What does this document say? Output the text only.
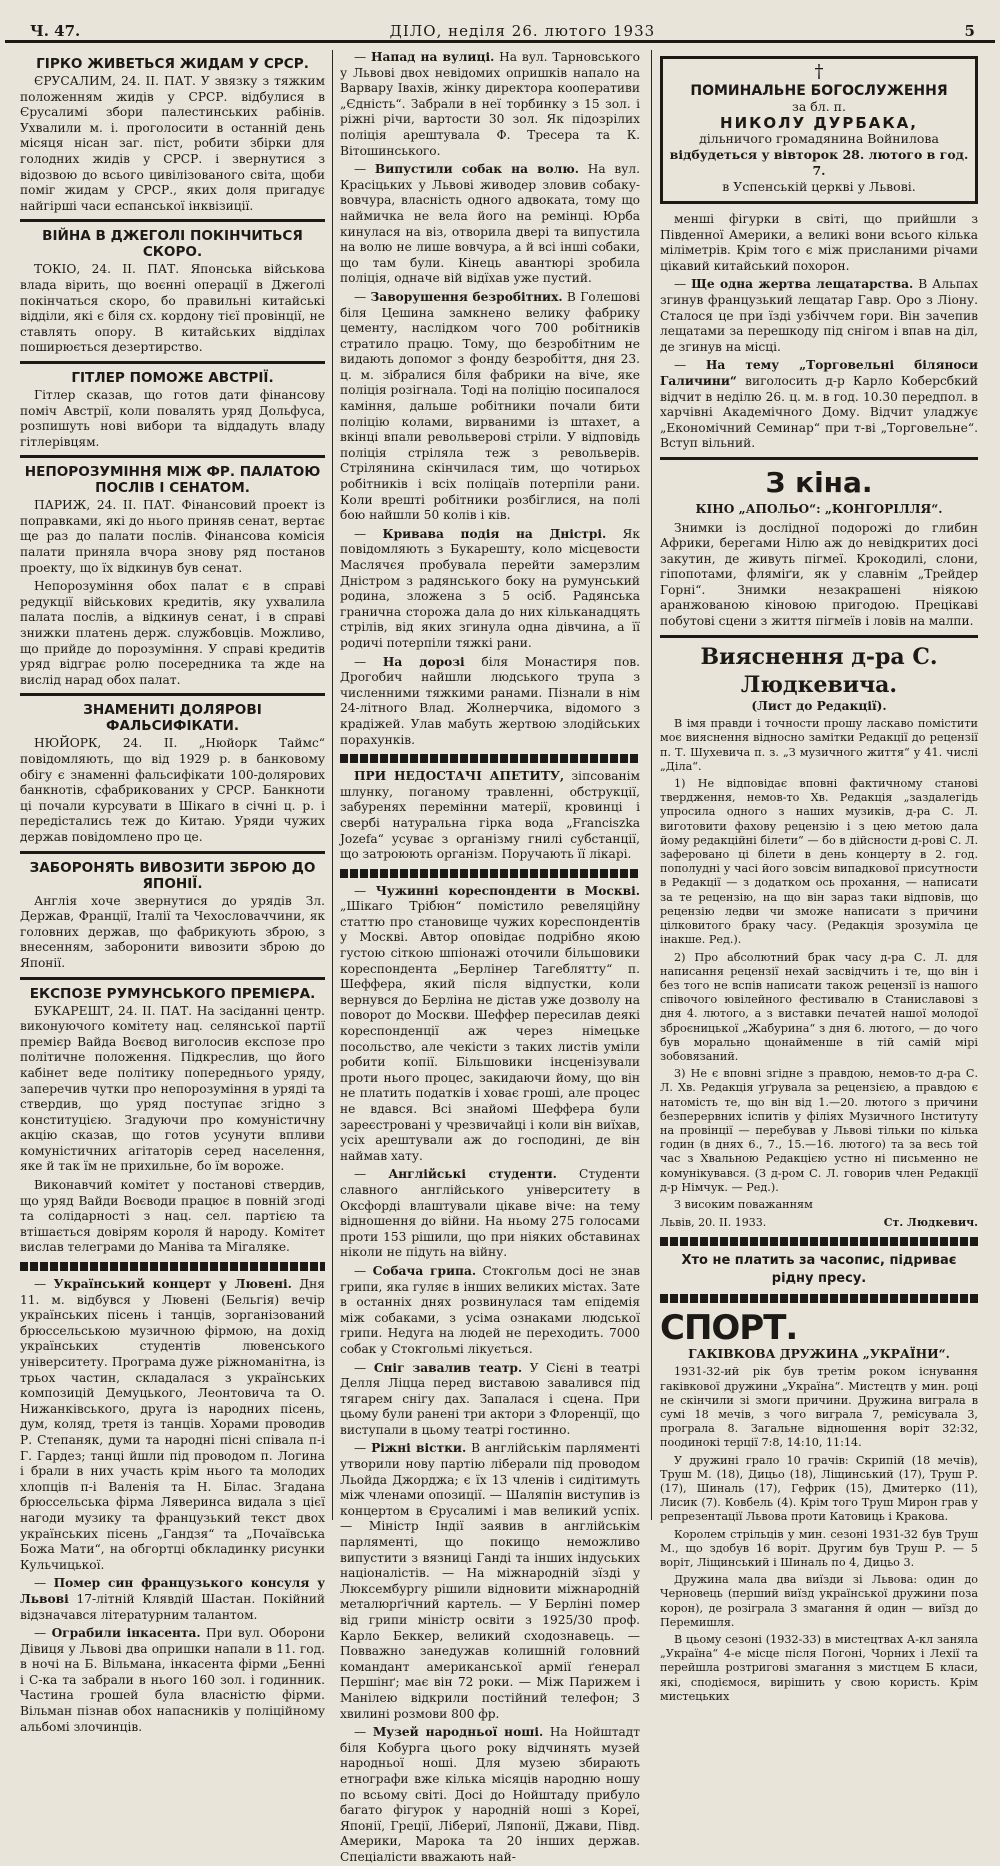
Ч. 47.	ДІЛО, неділя 26. лютого 1933	5
ГІРКО ЖИВЕТЬСЯ ЖИДАМ У СРСР.

ЄРУСАЛИМ, 24. II. ПАТ. У звязку з тяжким положенням жидів у СРСР. відбулися в Єрусалимі збори палестинських рабінів. Ухвалили м. і. проголосити в останній день місяця нісан заг. піст, робити збірки для голодних жидів у СРСР. і звернутися з відозвою до всього цивілізованого світа, щоби поміг жидам у СРСР., яких доля пригадує найгірші часи еспанської інквізиції.

ВІЙНА В ДЖЕГОЛІ ПОКІНЧИТЬСЯ СКОРО.

ТОКІО, 24. II. ПАТ. Японська військова влада вірить, що воєнні операції в Джеголі покінчаться скоро, бо правильні китайські відділи, які є біля сх. кордону тієї провінції, не ставлять опору. В китайських відділах поширюється дезертирство.

ГІТЛЕР ПОМОЖЕ АВСТРІЇ.

Гітлер сказав, що готов дати фінансову поміч Австрії, коли повалять уряд Дольфуса, розпишуть нові вибори та віддадуть владу гітлерівцям.

НЕПОРОЗУМІННЯ МІЖ ФР. ПАЛАТОЮ ПОСЛІВ І СЕНАТОМ.

ПАРИЖ, 24. II. ПАТ. Фінансовий проект із поправками, які до нього приняв сенат, вертає ще раз до палати послів. Фінансова комісія палати приняла вчора знову ряд постанов проекту, що їх відкинув був сенат.

Непорозуміння обох палат є в справі редукції військових кредитів, яку ухвалила палата послів, а відкинув сенат, і в справі знижки платень держ. службовців. Можливо, що прийде до порозуміння. У справі кредитів уряд відграє ролю посередника та жде на вислід нарад обох палат.

ЗНАМЕНИТІ ДОЛЯРОВІ ФАЛЬСИФІКАТИ.

НЮЙОРК, 24. II. „Нюйорк Таймс“ повідомляють, що від 1929 р. в банковому обігу є знаменні фальсифікати 100-долярових банкнотів, сфабрикованих у СРСР. Банкноти ці почали курсувати в Шікаго в січні ц. р. і передістались теж до Китаю. Уряди чужих держав повідомлено про це.

ЗАБОРОНЯТЬ ВИВОЗИТИ ЗБРОЮ ДО ЯПОНІЇ.

Англія хоче звернутися до урядів Зл. Держав, Франції, Італії та Чехословаччини, як головних держав, що фабрикують зброю, з внесенням, заборонити вивозити зброю до Японії.

ЕКСПОЗЕ РУМУНСЬКОГО ПРЕМІЄРА.

БУКАРЕШТ, 24. II. ПАТ. На засіданні центр. виконуючого комітету нац. селянської партії премієр Вайда Воєвод виголосив експозе про політичне положення. Підкреслив, що його кабінет веде політику попереднього уряду, заперечив чутки про непорозуміння в уряді та ствердив, що уряд поступає згідно з конституцією. Згадуючи про комуністичну акцію сказав, що готов усунути впливи комуністичних агітаторів серед населення, яке й так їм не прихильне, бо їм вороже.

Виконавчий комітет у постанові ствердив, що уряд Вайди Воєводи працює в повній згоді та солідарності з нац. сел. партією та втішається довірям короля й народу. Комітет вислав телеграми до Маніва та Мігаляке.

— Український концерт у Лювені. Дня 11. м. відбувся у Лювені (Бельгія) вечір українських пісень і танців, зорганізований брюссельською музичною фірмою, на дохід українських студентів лювенського університету. Програма дуже ріжноманітна, із трьох частин, складалася з українських композицій Демуцького, Леонтовича та О. Нижанківського, друга із народних пісень, дум, коляд, третя із танців. Хорами проводив Р. Степаняк, думи та народні пісні співала п-і Г. Гардез; танці йшли під проводом п. Логина і брали в них участь крім нього та молодих хлопців п-і Валенія та Н. Білас. Згадана брюссельська фірма Ляверинса видала з цієї нагоди музику та французький текст двох українських пісень „Гандзя“ та „Почаївська Божа Мати“, на обгортці обкладинку рисунки Кульчицької.

— Помер син французького консуля у Львові 17-літній Клявдій Шастан. Покійний відзначався літературним талантом.

— Ограбили інкасента. При вул. Оборони Дівиця у Львові два опришки напали в 11. год. в ночі на Б. Вільмана, інкасента фірми „Бенні і С-ка та забрали в нього 160 зол. і годинник. Частина грошей була власністю фірми. Вільман пізнав обох напасників у поліційному альбомі злочинців.

— Напад на вулиці. На вул. Тарновського у Львові двох невідомих опришків напало на Варвару Івахів, жінку директора кооперативи „Єдність“. Забрали в неї торбинку з 15 зол. і ріжні річи, вартости 30 зол. Як підозрілих поліція арештувала Ф. Тресера та К. Вітошинського.

— Випустили собак на волю. На вул. Красіцьких у Львові живодер зловив собаку-вовчура, власність одного адвоката, тому що наймичка не вела його на ремінці. Юрба кинулася на віз, отворила двері та випустила на волю не лише вовчура, а й всі інші собаки, що там були. Кінець авантюрі зробила поліція, одначе вій відїхав уже пустий.

— Заворушення безробітних. В Голешові біля Цешина замкнено велику фабрику цементу, наслідком чого 700 робітників стратило працю. Тому, що безробітним не видають допомог з фонду безробіття, дня 23. ц. м. зібралися біля фабрики на віче, яке поліція розігнала. Тоді на поліцію посипалося каміння, дальше робітники почали бити поліцію колами, вирваними із штахет, а вкінці впали револьверові стріли. У відповідь поліція стріляла теж з револьверів. Стрілянина скінчилася тим, що чотирьох робітників і всіх поліцаїв потерпіли рани. Коли врешті робітники розбіглися, на полі бою найшли 50 колів і ків.

— Кривава подія на Дністрі. Як повідомляють з Букарешту, коло місцевости Маслячєя пробувала перейти замерзлим Дністром з радянського боку на румунський родина, зложена з 5 осіб. Радянська гранична сторожа дала до них кільканадцять стрілів, від яких згинула одна дівчина, а її родичі потерпіли тяжкі рани.

— На дорозі біля Монастиря пов. Дрогобич найшли людського трупа з численними тяжкими ранами. Пізнали в нім 24-літного Влад. Жолнерчика, відомого з крадіжей. Улав мабуть жертвою злодійських порахунків.

ПРИ НЕДОСТАЧІ АПЕТИТУ, зіпсованім шлунку, поганому травленні, обструкції, забуренях перемінни матерії, кровинці і свербі натуральна гірка вода „Franciszka Jozefa“ усуває з організму гнилі субстанції, що затроюють організм. Поручають її лікарі.

— Чужинні кореспонденти в Москві. „Шікаго Трібюн“ помістило ревеляційну статтю про становище чужих кореспондентів у Москві. Автор оповідає подрібно якою густою сіткою шпіонажі оточили більшовики кореспондента „Берлінер Тагеблятту“ п. Шеффера, який після відпустки, коли вернувся до Берліна не дістав уже дозволу на поворот до Москви. Шеффер пересилав деякі кореспонденції аж через німецьке посольство, але чекісти з таких листів уміли робити копії. Більшовики інсценізували проти нього процес, закидаючи йому, що він не платить податків і ховає гроші, але процес не вдався. Всі знайомі Шеффера були зареєстровані у чрезвичайці і коли він виїхав, усіх арештували аж до господині, де він наймав хату.

— Англійські студенти. Студенти славного англійського університету в Оксфорді влаштували цікаве віче: на тему відношення до війни. На ньому 275 голосами проти 153 рішили, що при ніяких обставинах ніколи не підуть на війну.

— Собача грипа. Стокгольм досі не знав грипи, яка гуляє в інших великих містах. Зате в останніх днях розвинулася там епідемія між собаками, з усіма ознаками людської грипи. Недуга на людей не переходить. 7000 собак у Стокгольмі лікується.

— Сніг завалив театр. У Сієні в театрі Делля Ліцца перед виставою завалився під тягарем снігу дах. Запалася і сцена. При цьому були ранені три актори з Флоренції, що виступали в цьому театрі гостинно.

— Ріжні вістки. В англійськім парляменті утворили нову партію ліберали під проводом Льойда Джорджа; є їх 13 членів і сидітимуть між членами опозиції. — Шаляпін виступив із концертом в Єрусалимі і мав великий успіх. — Міністр Індії заявив в англійськім парляменті, що покищо неможливо випустити з вязниці Ганді та інших індуських націоналістів. — На міжнародній зїзді у Люксембургу рішили відновити міжнародній металюрґічний картель. — У Берліні помер від грипи міністр освіти з 1925/30 проф. Карло Беккер, великий сходознавець. — Повважно занедужав колишній головний командант американської армії ґенерал Першінґ; має він 72 роки. — Між Парижем і Манілею відкрили постійний телефон; 3 хвилині розмови 800 фр.

— Музей народньої ноші. На Нойштадт біля Кобурга цього року відчинять музей народньої ноші. Для музею збирають етнографи вже кілька місяців народню ношу по всьому світі. Досі до Нойштаду прибуло багато фігурок у народній ноші з Кореї, Японії, Греції, Лібериї, Ляпонії, Джави, Півд. Америки, Марока та 20 інших держав. Спеціалісти вважають най-

†
ПОМИНАЛЬНЕ БОГОСЛУЖЕННЯ
за бл. п.
НИКОЛУ ДУРБАКА,
дільничого громадянина Войнилова
відбудеться у вівторок 28. лютого в год. 7.
в Успенській церкві у Львові.

менші фігурки в світі, що прийшли з Південної Америки, а великі вони всього кілька міліметрів. Крім того є між присланими річами цікавий китайський похорон.

— Ще одна жертва лещатарства. В Альпах згинув французький лещатар Гавр. Оро з Ліону. Сталося це при їзді узбіччем гори. Він зачепив лещатами за перешкоду під снігом і впав на діл, де згинув на місці.

— На тему „Торговельні біляноси Галичини“ виголосить д-р Карло Коберсбкий відчит в неділю 26. ц. м. в год. 10.30 передпол. в харчівні Академічного Дому. Відчит уладжує „Економічний Семинар“ при т-ві „Торговельне“. Вступ вільний.

З кіна.

КІНО „АПОЛЬО“: „КОНГОРІЛЛЯ“.

Знимки із дослідної подорожі до глибин Африки, берегами Нілю аж до невідкритих досі закутин, де живуть пігмеї. Крокодилі, слони, гіпопотами, фляміґи, як у славнім „Трейдер Горні“. Знимки незакрашені ніякою аранжованою кіновою пригодою. Прецікаві побутові сцени з життя пігмеїв і ловів на малпи.

Вияснення д-ра С. Людкевича.

(Лист до Редакції).

В імя правди і точности прошу ласкаво помістити моє вияснення відносно замітки Редакції до рецензії п. Т. Шухевича п. з. „З музичного життя“ у 41. числі „Діла“.

1) Не відповідає вповні фактичному станові твердження, немов-то Хв. Редакція „заздалегідь упросила одного з наших музиків, д-ра С. Л. виготовити фахову рецензію і з цею метою дала йому редакційні білети“ — бо в дійсности д-рові С. Л. заферовано ці білети в день концерту в 2. год. пополудні у часі його зовсім випадкової присутности в Редакції — з додатком ось прохання, — написати за те рецензію, на що він зараз таки відповів, що рецензію ледви чи зможе написати з причини цілковитого браку часу. (Редакція зрозуміла це інакше. Ред.).

2) Про абсолютний брак часу д-ра С. Л. для написання рецензії нехай засвідчить і те, що він і без того не вспів написати також рецензії із нашого співочого ювілейного фестивалю в Станиславові з дня 4. лютого, а з виставки печатей нашої молодої зброєницької „Жабурина“ з дня 6. лютого, — до чого був морально щонайменше в тій самій мірі зобовязаний.

3) Не є вповні згідне з правдою, немов-то д-ра С. Л. Хв. Редакція уґрувала за рецензією, а правдою є натомість те, що він від 1.—20. лютого з причини безперервних іспитів у філіях Музичного Інституту на провінції — перебував у Львові тільки по кілька годин (в днях 6., 7., 15.—16. лютого) та за весь той час з Хвальною Редакцією устно ні письменно не комунікувався. (З д-ром С. Л. говорив член Редакції д-р Німчук. — Ред.).

З високим поважанням

Львів, 20. II. 1933.	Ст. Людкевич.
Хто не платить за часопис, підриває рідну пресу.
СПОРТ.

ГАКІВКОВА ДРУЖИНА „УКРАЇНИ“.

1931-32-ий рік був третім роком існування гаківкової дружини „Україна“. Мистецтв у мин. році не скінчили зі змоги причини. Дружина виграла в сумі 18 мечів, з чого виграла 7, ремісувала 3, програла 8. Загальне відношення воріт 32:32, поодинокі терції 7:8, 14:10, 11:14.

У дружині грало 10 грачів: Скрипій (18 мечів), Труш М. (18), Дицьо (18), Ліщинський (17), Труш Р. (17), Шиналь (17), Гефрик (15), Дмитерко (11), Лисик (7). Ковбель (4). Крім того Труш Мирон грав у репрезентації Львова проти Катовиць і Кракова.

Королем стрільців у мин. сезоні 1931-32 був Труш М., що здобув 16 воріт. Другим був Труш Р. — 5 воріт, Ліщинський і Шиналь по 4, Дицьо 3.

Дружина мала два виїзди зі Львова: один до Черновець (перший виїзд української дружини поза корон), де розіграла 3 змагання й один — виїзд до Перемишля.

В цьому сезоні (1932-33) в мистецтвах А-кл заняла „Україна“ 4-е місце після Погоні, Чорних і Лехії та перейшла розтригові змагання з мистцем Б класи, які, сподіємося, вирішить у свою користь. Крім мистецьких
